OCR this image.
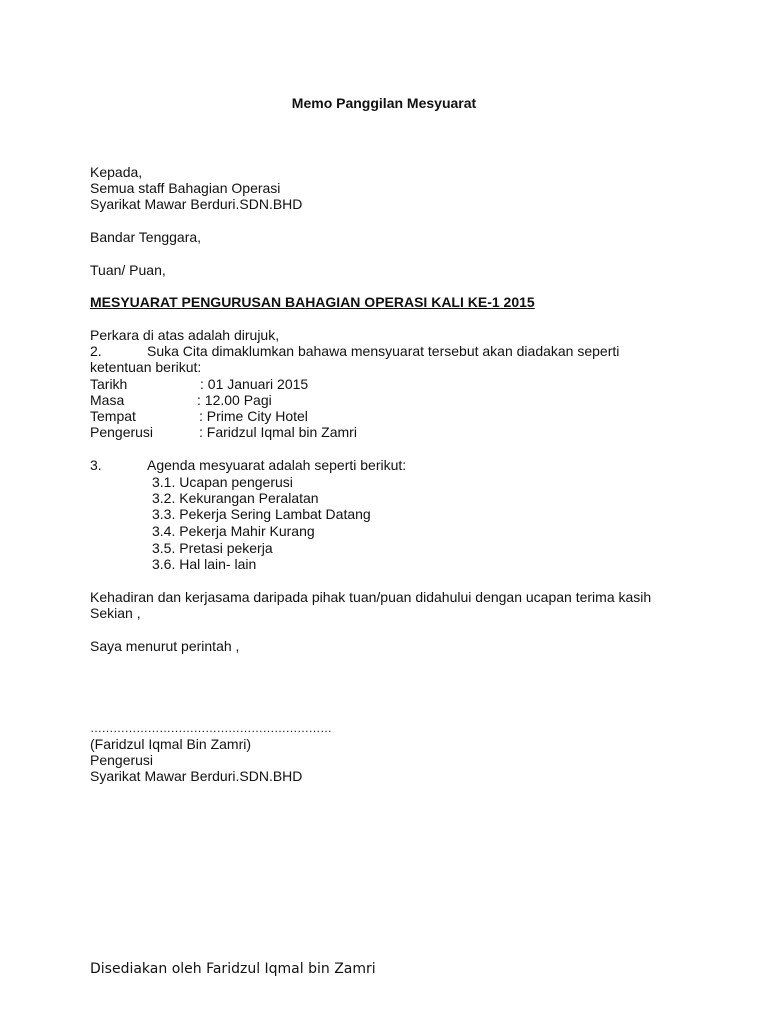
Memo Panggilan Mesyuarat
Kepada,
Semua staff Bahagian Operasi
Syarikat Mawar Berduri.SDN.BHD
Bandar Tenggara,
Tuan/ Puan,
MESYUARAT PENGURUSAN BAHAGIAN OPERASI KALI KE-1 2015
Perkara di atas adalah dirujuk,
2.	Suka Cita dimaklumkan bahawa mensyuarat tersebut akan diadakan seperti
ketentuan berikut:
Tarikh	: 01 Januari 2015
Masa	: 12.00 Pagi
Tempat	: Prime City Hotel
Pengerusi	: Faridzul Iqmal bin Zamri
3.	Agenda mesyuarat adalah seperti berikut:
3.1. Ucapan pengerusi
3.2. Kekurangan Peralatan
3.3. Pekerja Sering Lambat Datang
3.4. Pekerja Mahir Kurang
3.5. Pretasi pekerja
3.6. Hal lain- lain
Kehadiran dan kerjasama daripada pihak tuan/puan didahului dengan ucapan terima kasih
Sekian ,
Saya menurut perintah ,
………………………………………………………
(Faridzul Iqmal Bin Zamri)
Pengerusi
Syarikat Mawar Berduri.SDN.BHD
Disediakan oleh Faridzul Iqmal bin Zamri
